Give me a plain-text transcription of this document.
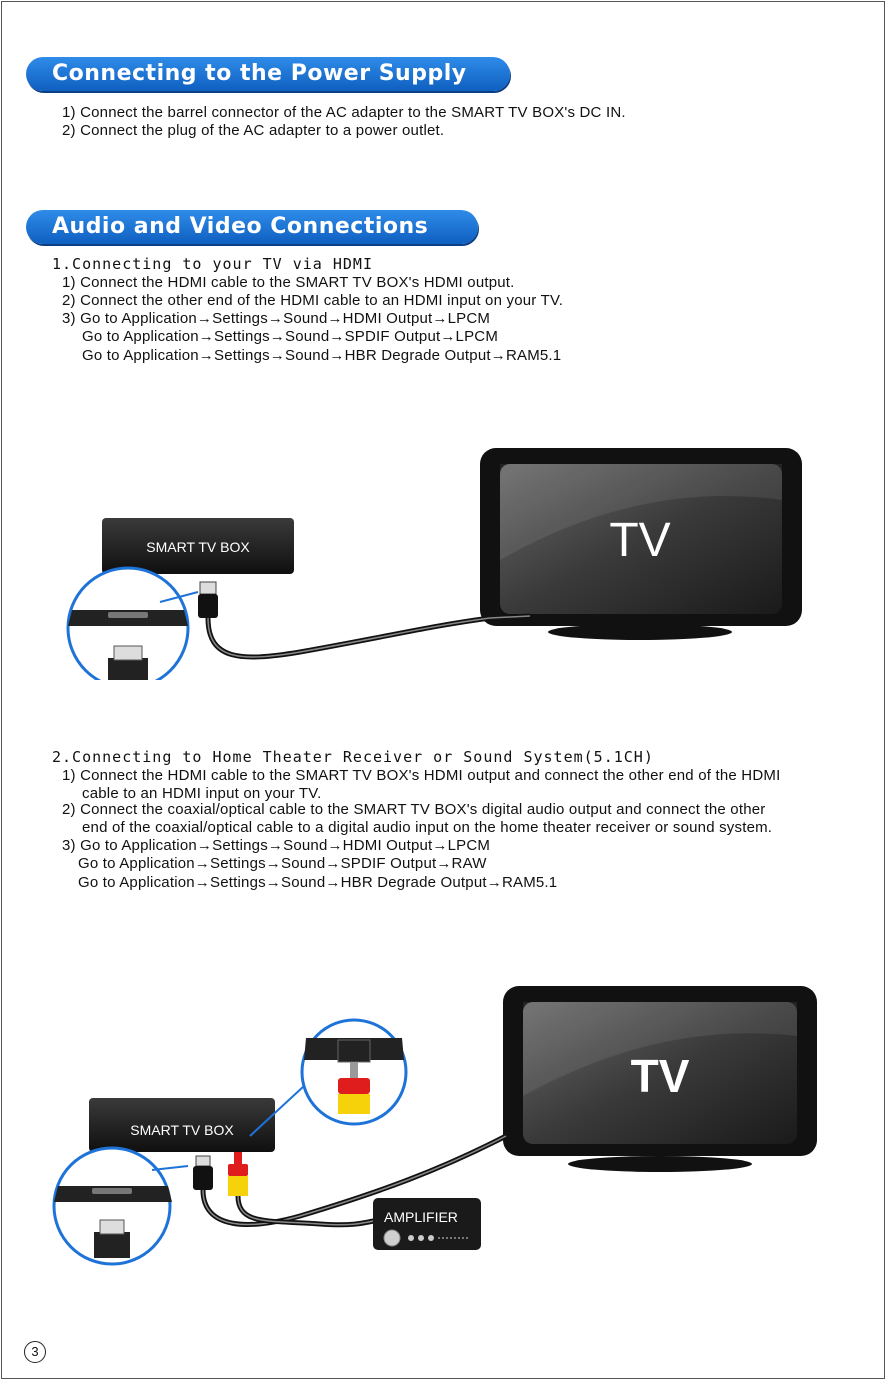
Connecting to the Power Supply
1) Connect the barrel connector of the AC adapter to the SMART TV BOX's DC IN.
2) Connect the plug of the AC adapter to a power outlet.
Audio and Video Connections
1.Connecting to your TV via HDMI
1) Connect the HDMI cable to the SMART TV BOX's HDMI output.
2) Connect the other end of the HDMI cable to an HDMI input on your TV.
3) Go to Application→Settings→Sound→HDMI Output→LPCM
Go to Application→Settings→Sound→SPDIF Output→LPCM
Go to Application→Settings→Sound→HBR Degrade Output→RAM5.1
TV
SMART TV BOX
2.Connecting to Home Theater Receiver or Sound System(5.1CH)
1) Connect the HDMI cable to the SMART TV BOX's HDMI output and connect the other end of the HDMI
cable to an HDMI input on your TV.
2) Connect the coaxial/optical cable to the SMART TV BOX's digital audio output and connect the other
end of the coaxial/optical cable to a digital audio input on the home theater receiver or sound system.
3) Go to Application→Settings→Sound→HDMI Output→LPCM
Go to Application→Settings→Sound→SPDIF Output→RAW
Go to Application→Settings→Sound→HBR Degrade Output→RAM5.1
TV
SMART TV BOX
AMPLIFIER
3
